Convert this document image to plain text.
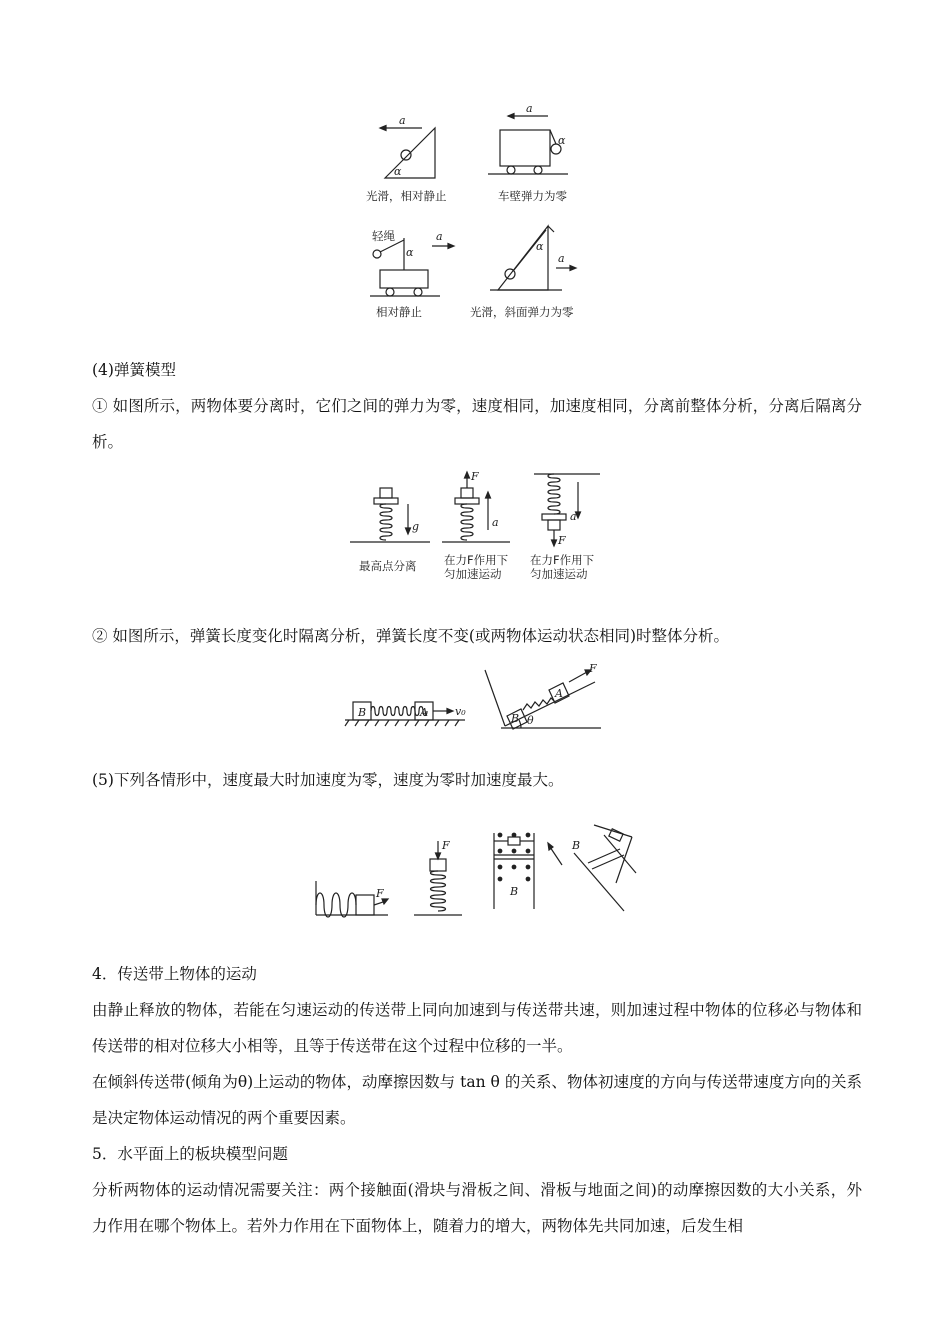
a
α
光滑，相对静止
a
α
车壁弹力为零
轻绳	a
α
相对静止
a
α
光滑，斜面弹力为零
(4)弹簧模型
① 如图所示，两物体要分离时，它们之间的弹力为零，速度相同，加速度相同，分离前整体分析，分离后隔离分析。
g
最高点分离
F
a
在力F作用下
匀加速运动
F
a
在力F作用下
匀加速运动
② 如图所示，弹簧长度变化时隔离分析，弹簧长度不变(或两物体运动状态相同)时整体分析。
B	A v₀
B
A
F
θ
(5)下列各情形中，速度最大时加速度为零，速度为零时加速度最大。
F
F
B
B
4．传送带上物体的运动
由静止释放的物体，若能在匀速运动的传送带上同向加速到与传送带共速，则加速过程中物体的位移必与物体和传送带的相对位移大小相等，且等于传送带在这个过程中位移的一半。
在倾斜传送带(倾角为θ)上运动的物体，动摩擦因数与 tan θ 的关系、物体初速度的方向与传送带速度方向的关系是决定物体运动情况的两个重要因素。
5．水平面上的板块模型问题
分析两物体的运动情况需要关注：两个接触面(滑块与滑板之间、滑板与地面之间)的动摩擦因数的大小关系，外力作用在哪个物体上。若外力作用在下面物体上，随着力的增大，两物体先共同加速，后发生相
